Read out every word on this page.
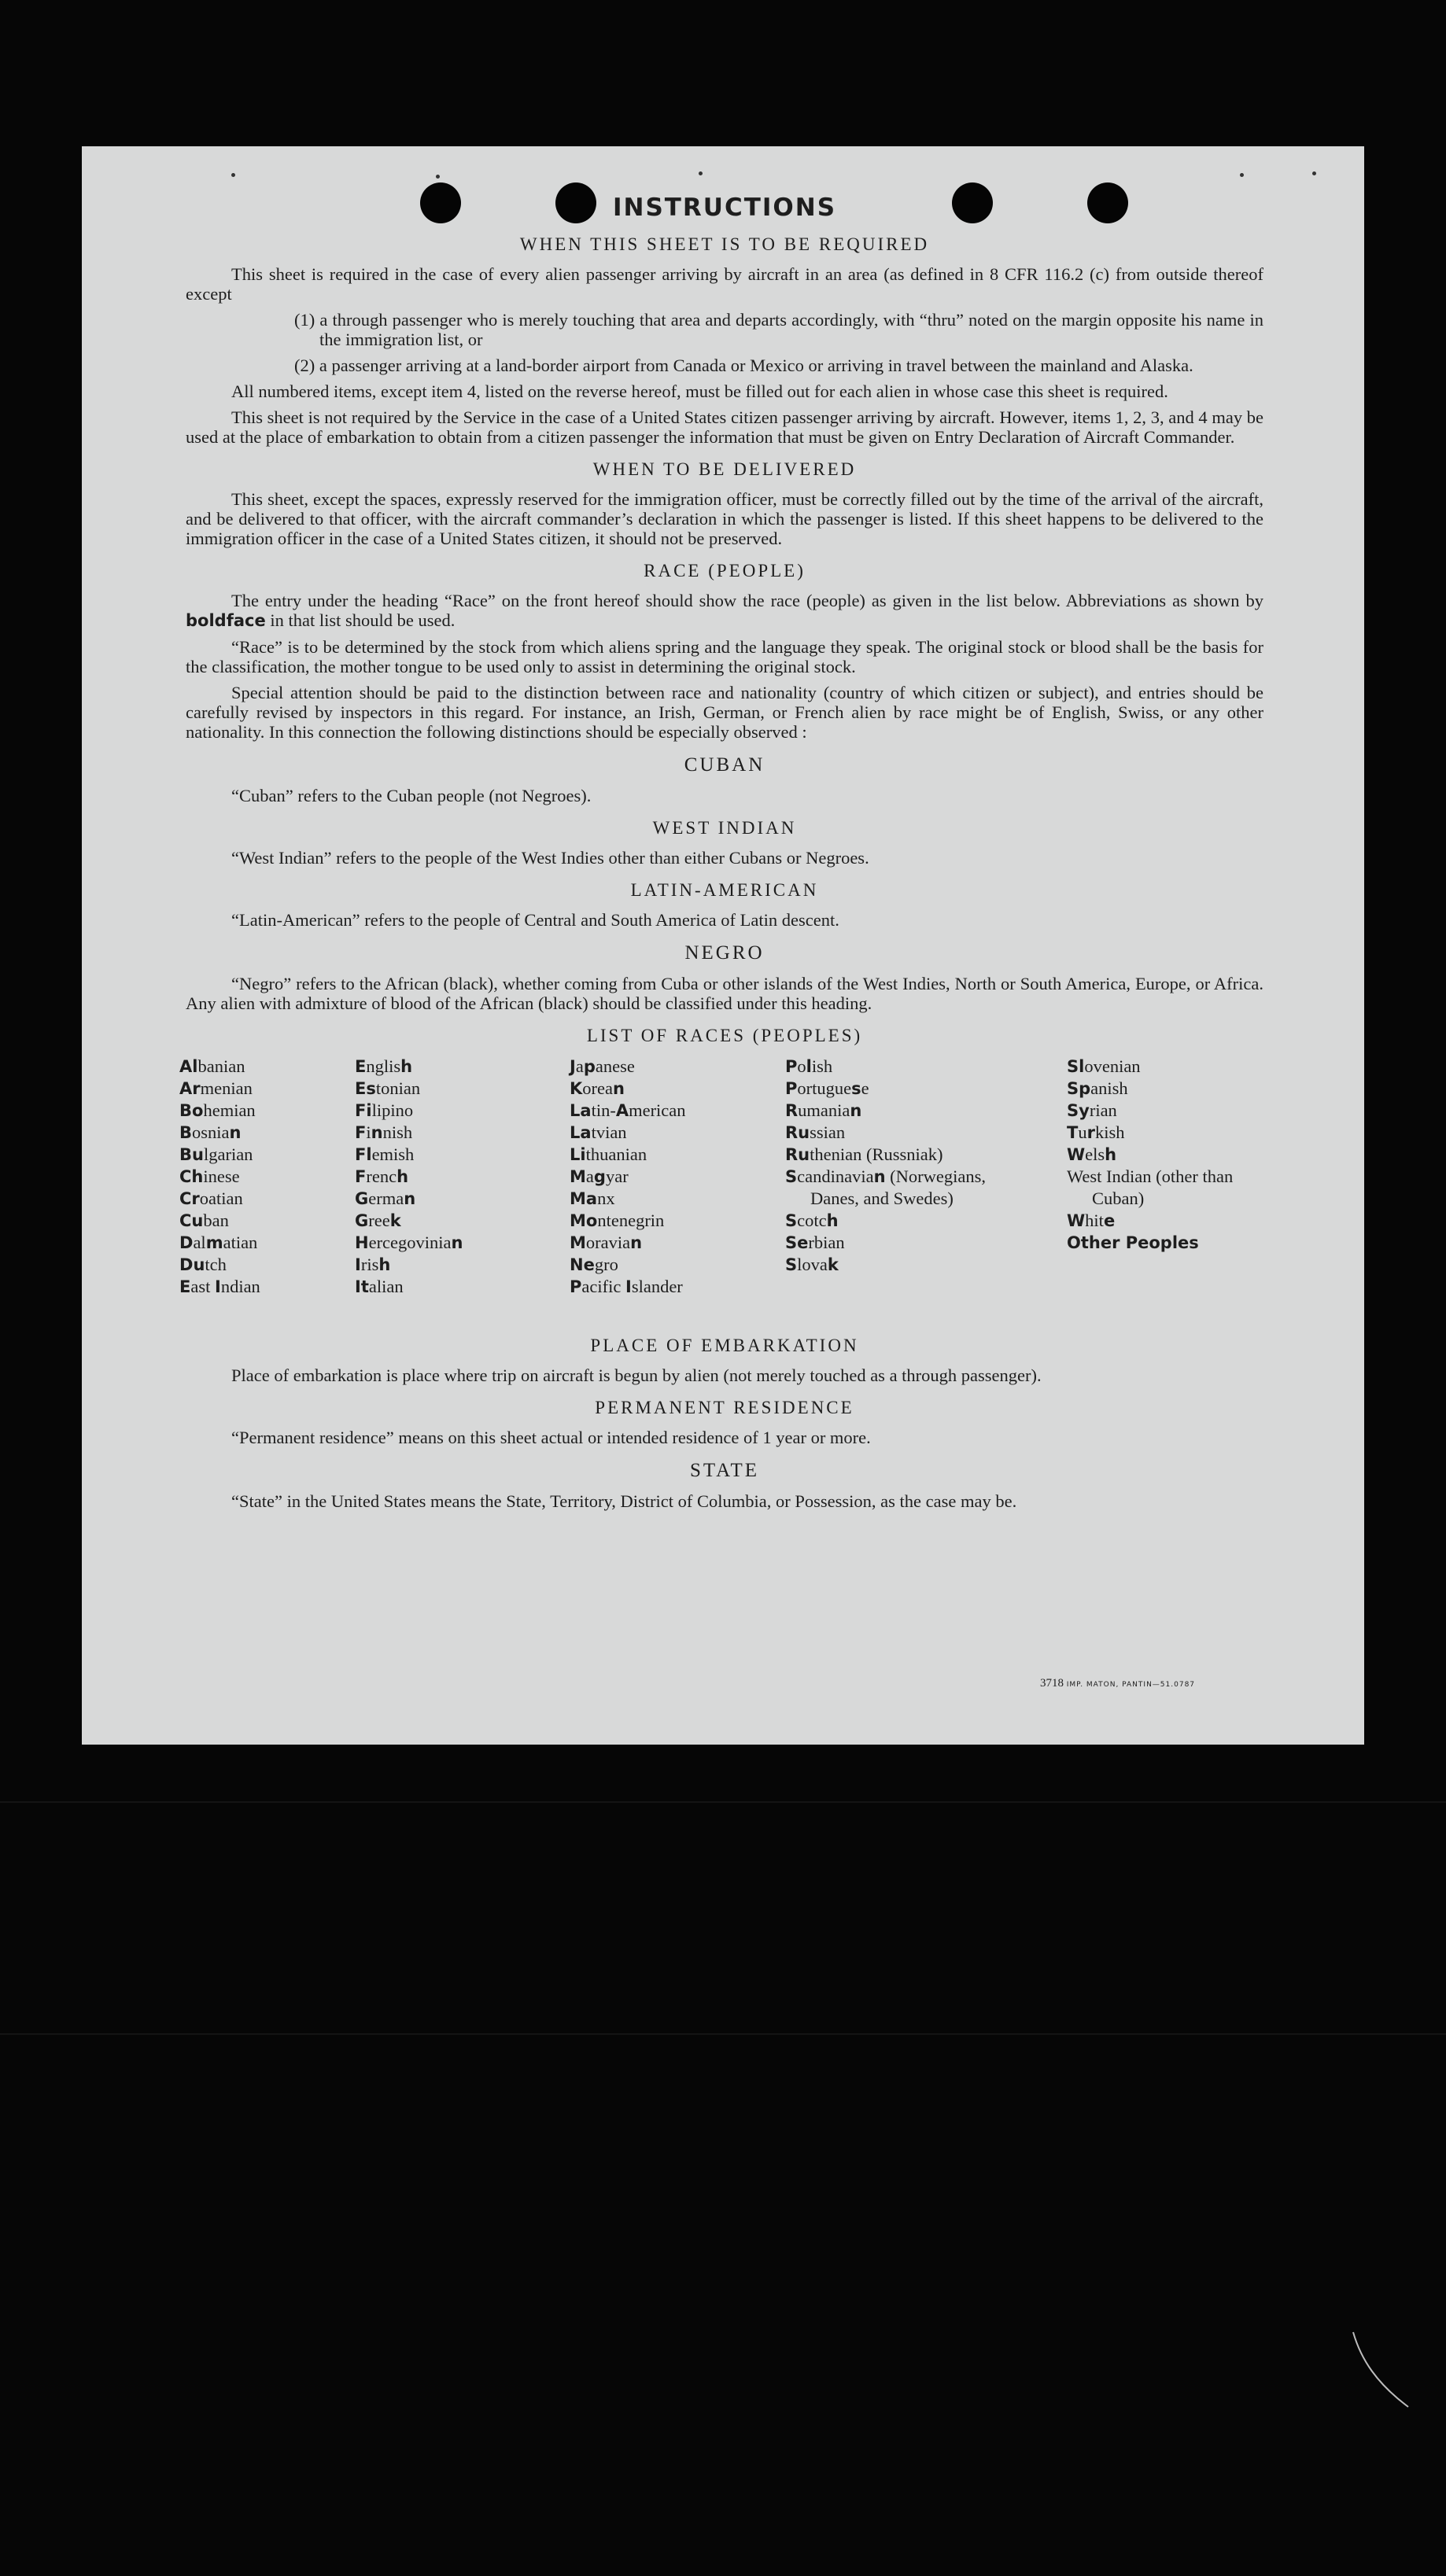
INSTRUCTIONS
WHEN THIS SHEET IS TO BE REQUIRED

This sheet is required in the case of every alien passenger arriving by aircraft in an area (as defined in 8 CFR 116.2 (c) from outside thereof except

(1) a through passenger who is merely touching that area and departs accordingly, with “thru” noted on the margin opposite his name in the immigration list, or

(2) a passenger arriving at a land-border airport from Canada or Mexico or arriving in travel between the mainland and Alaska.

All numbered items, except item 4, listed on the reverse hereof, must be filled out for each alien in whose case this sheet is required.

This sheet is not required by the Service in the case of a United States citizen passenger arriving by aircraft. However, items 1, 2, 3, and 4 may be used at the place of embarkation to obtain from a citizen passenger the information that must be given on Entry Declaration of Aircraft Commander.

WHEN TO BE DELIVERED

This sheet, except the spaces, expressly reserved for the immigration officer, must be correctly filled out by the time of the arrival of the aircraft, and be delivered to that officer, with the aircraft commander’s declaration in which the passenger is listed. If this sheet happens to be delivered to the immigration officer in the case of a United States citizen, it should not be preserved.

RACE (PEOPLE)

The entry under the heading “Race” on the front hereof should show the race (people) as given in the list below. Abbreviations as shown by boldface in that list should be used.

“Race” is to be determined by the stock from which aliens spring and the language they speak. The original stock or blood shall be the basis for the classification, the mother tongue to be used only to assist in determining the original stock.

Special attention should be paid to the distinction between race and nationality (country of which citizen or subject), and entries should be carefully revised by inspectors in this regard. For instance, an Irish, German, or French alien by race might be of English, Swiss, or any other nationality. In this connection the following distinctions should be especially observed :

CUBAN

“Cuban” refers to the Cuban people (not Negroes).

WEST INDIAN

“West Indian” refers to the people of the West Indies other than either Cubans or Negroes.

LATIN-AMERICAN

“Latin-American” refers to the people of Central and South America of Latin descent.

NEGRO

“Negro” refers to the African (black), whether coming from Cuba or other islands of the West Indies, North or South America, Europe, or Africa. Any alien with admixture of blood of the African (black) should be classified under this heading.

LIST OF RACES (PEOPLES)
Albanian
Armenian
Bohemian
Bosnian
Bulgarian
Chinese
Croatian
Cuban
Dalmatian
Dutch
East Indian
English
Estonian
Filipino
Finnish
Flemish
French
German
Greek
Hercegovinian
Irish
Italian
Japanese
Korean
Latin-American
Latvian
Lithuanian
Magyar
Manx
Montenegrin
Moravian
Negro
Pacific Islander
Polish
Portuguese
Rumanian
Russian
Ruthenian (Russniak)
Scandinavian (Norwegians, Danes, and Swedes)
Scotch
Serbian
Slovak
Slovenian
Spanish
Syrian
Turkish
Welsh
West Indian (other than Cuban)
White
Other Peoples
PLACE OF EMBARKATION

Place of embarkation is place where trip on aircraft is begun by alien (not merely touched as a through passenger).

PERMANENT RESIDENCE

“Permanent residence” means on this sheet actual or intended residence of 1 year or more.

STATE

“State” in the United States means the State, Territory, District of Columbia, or Possession, as the case may be.

3718 IMP. MATON, PANTIN—51.0787
